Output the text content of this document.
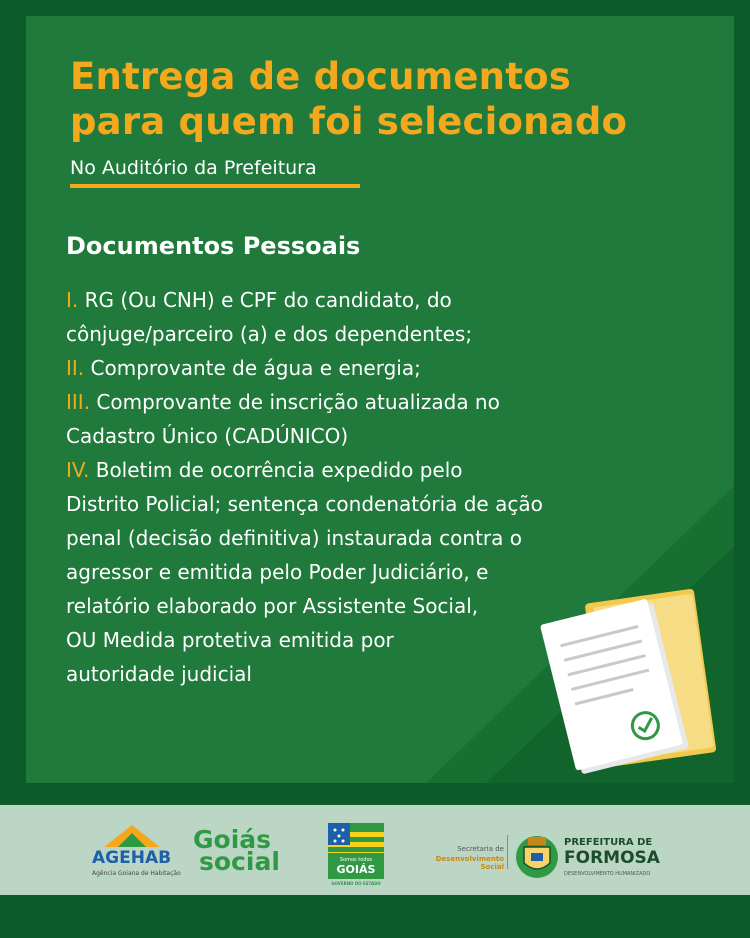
Entrega de documentos
para quem foi selecionado
No Auditório da Prefeitura
Documentos Pessoais
I. RG (Ou CNH) e CPF do candidato, do
cônjuge/parceiro (a) e dos dependentes;
II. Comprovante de água e energia;
III. Comprovante de inscrição atualizada no
Cadastro Único (CADÚNICO)
IV. Boletim de ocorrência expedido pelo
Distrito Policial; sentença condenatória de ação
penal (decisão definitiva) instaurada contra o
agressor e emitida pelo Poder Judiciário, e
relatório elaborado por Assistente Social,
OU Medida protetiva emitida por
autoridade judicial
AGEHAB
Agência Goiana de Habitação
Goiás
social	Somos todos
GOIÁS
GOVERNO DO ESTADO
Secretaria de
Desenvolvimento Social
PREFEITURA DE
FORMOSA
DESENVOLVIMENTO HUMANIZADO
